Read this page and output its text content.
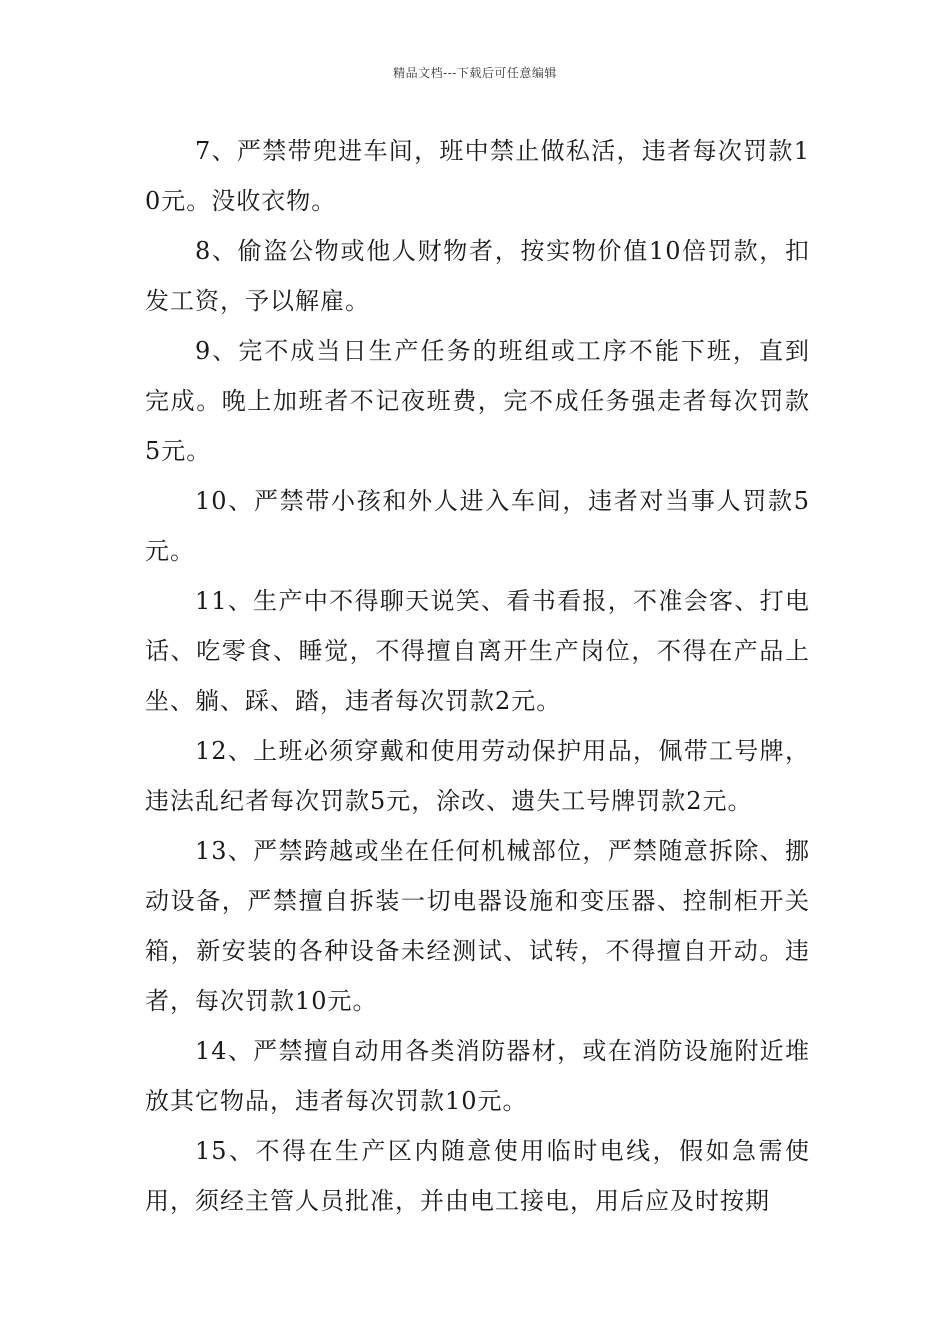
精品文档---下载后可任意编辑

7、严禁带兜进车间，班中禁止做私活，违者每次罚款10元。没收衣物。

8、偷盗公物或他人财物者，按实物价值10倍罚款，扣发工资，予以解雇。

9、完不成当日生产任务的班组或工序不能下班，直到完成。晚上加班者不记夜班费，完不成任务强走者每次罚款5元。

10、严禁带小孩和外人进入车间，违者对当事人罚款5元。

11、生产中不得聊天说笑、看书看报，不准会客、打电话、吃零食、睡觉，不得擅自离开生产岗位，不得在产品上坐、躺、踩、踏，违者每次罚款2元。

12、上班必须穿戴和使用劳动保护用品，佩带工号牌，违法乱纪者每次罚款5元，涂改、遗失工号牌罚款2元。

13、严禁跨越或坐在任何机械部位，严禁随意拆除、挪动设备，严禁擅自拆装一切电器设施和变压器、控制柜开关箱，新安装的各种设备未经测试、试转，不得擅自开动。违者，每次罚款10元。

14、严禁擅自动用各类消防器材，或在消防设施附近堆放其它物品，违者每次罚款10元。

15、不得在生产区内随意使用临时电线，假如急需使用，须经主管人员批准，并由电工接电，用后应及时按期
